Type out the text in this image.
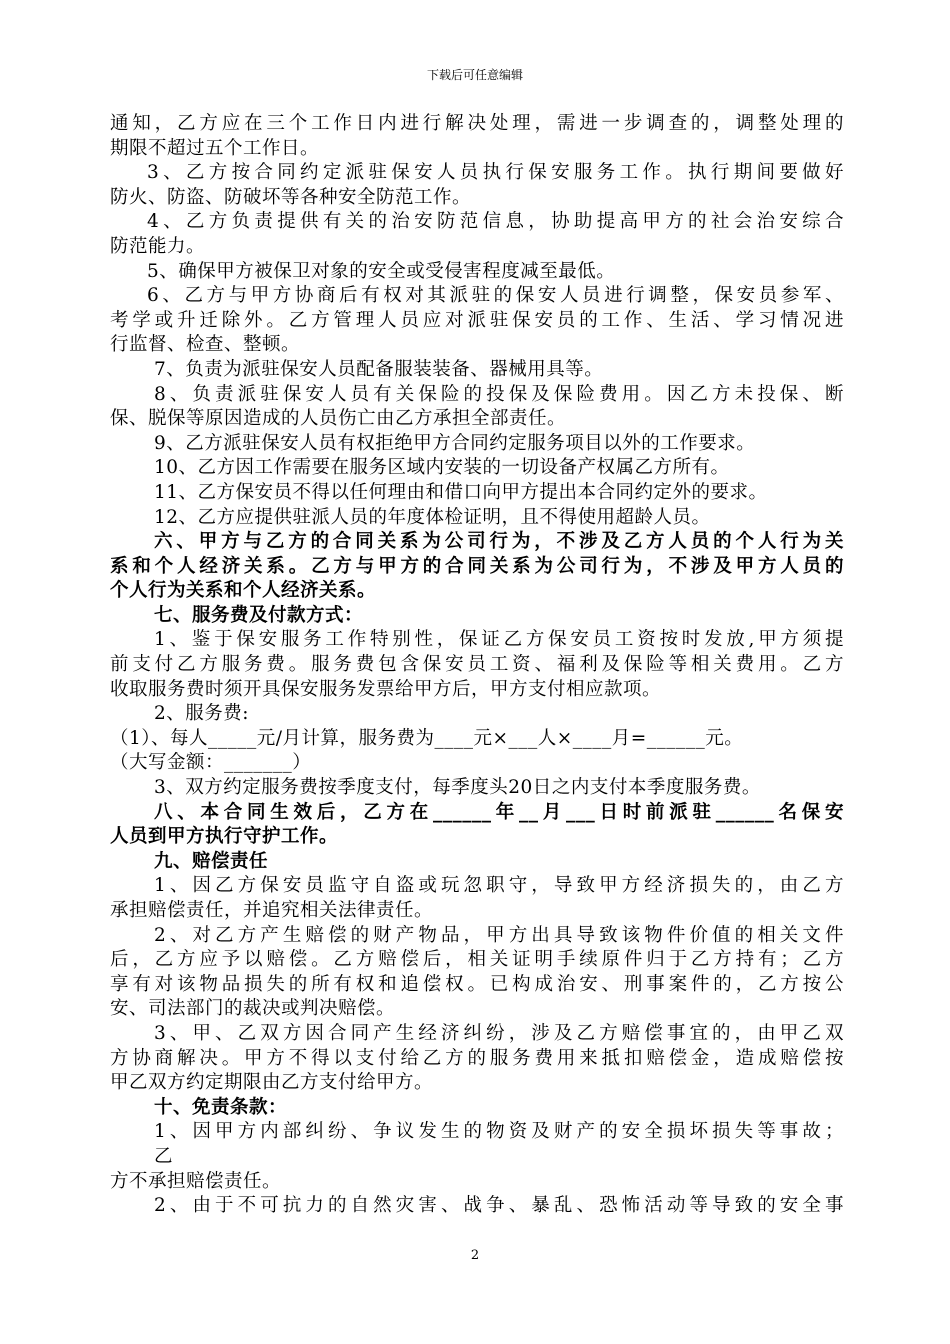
下载后可任意编辑
通知，乙方应在三个工作日内进行解决处理，需进一步调查的，调整处理的
期限不超过五个工作日。
3、乙方按合同约定派驻保安人员执行保安服务工作。执行期间要做好
防火、防盗、防破坏等各种安全防范工作。
4、乙方负责提供有关的治安防范信息，协助提高甲方的社会治安综合
防范能力。
5、确保甲方被保卫对象的安全或受侵害程度减至最低。
6、乙方与甲方协商后有权对其派驻的保安人员进行调整，保安员参军、
考学或升迁除外。乙方管理人员应对派驻保安员的工作、生活、学习情况进
行监督、检查、整顿。
7、负责为派驻保安人员配备服装装备、器械用具等。
8、负责派驻保安人员有关保险的投保及保险费用。因乙方未投保、断
保、脱保等原因造成的人员伤亡由乙方承担全部责任。
9、乙方派驻保安人员有权拒绝甲方合同约定服务项目以外的工作要求。
10、乙方因工作需要在服务区域内安装的一切设备产权属乙方所有。
11、乙方保安员不得以任何理由和借口向甲方提出本合同约定外的要求。
12、乙方应提供驻派人员的年度体检证明，且不得使用超龄人员。
六、甲方与乙方的合同关系为公司行为，不涉及乙方人员的个人行为关
系和个人经济关系。乙方与甲方的合同关系为公司行为，不涉及甲方人员的
个人行为关系和个人经济关系。
七、服务费及付款方式：
1、鉴于保安服务工作特别性，保证乙方保安员工资按时发放,甲方须提
前支付乙方服务费。服务费包含保安员工资、福利及保险等相关费用。乙方
收取服务费时须开具保安服务发票给甲方后，甲方支付相应款项。
2、服务费:
（1）、每人_____元/月计算，服务费为____元×___人×____月=______元。
（大写金额：_______）
3、双方约定服务费按季度支付，每季度头20日之内支付本季度服务费。
八、本合同生效后，乙方在______年__月___日时前派驻______名保安
人员到甲方执行守护工作。
九、赔偿责任
1、因乙方保安员监守自盗或玩忽职守，导致甲方经济损失的，由乙方
承担赔偿责任，并追究相关法律责任。
2、对乙方产生赔偿的财产物品，甲方出具导致该物件价值的相关文件
后，乙方应予以赔偿。乙方赔偿后，相关证明手续原件归于乙方持有；乙方
享有对该物品损失的所有权和追偿权。已构成治安、刑事案件的，乙方按公
安、司法部门的裁决或判决赔偿。
3、甲、乙双方因合同产生经济纠纷，涉及乙方赔偿事宜的，由甲乙双
方协商解决。甲方不得以支付给乙方的服务费用来抵扣赔偿金，造成赔偿按
甲乙双方约定期限由乙方支付给甲方。
十、免责条款：
1、因甲方内部纠纷、争议发生的物资及财产的安全损坏损失等事故；
乙
方不承担赔偿责任。
2、由于不可抗力的自然灾害、战争、暴乱、恐怖活动等导致的安全事
2
